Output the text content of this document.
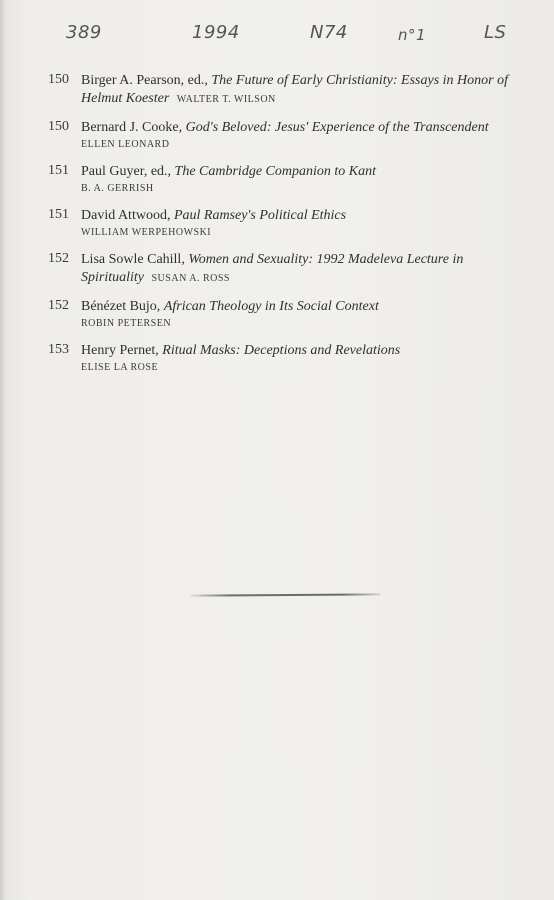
389	1994	N74	n°1	LS
150 Birger A. Pearson, ed., The Future of Early Christianity: Essays in Honor of Helmut Koester WALTER T. WILSON
150 Bernard J. Cooke, God's Beloved: Jesus' Experience of the Transcendent
ELLEN LEONARD
151 Paul Guyer, ed., The Cambridge Companion to Kant
B. A. GERRISH
151 David Attwood, Paul Ramsey's Political Ethics
WILLIAM WERPEHOWSKI
152 Lisa Sowle Cahill, Women and Sexuality: 1992 Madeleva Lecture in Spirituality SUSAN A. ROSS
152 Bénézet Bujo, African Theology in Its Social Context
ROBIN PETERSEN
153 Henry Pernet, Ritual Masks: Deceptions and Revelations
ELISE LA ROSE
